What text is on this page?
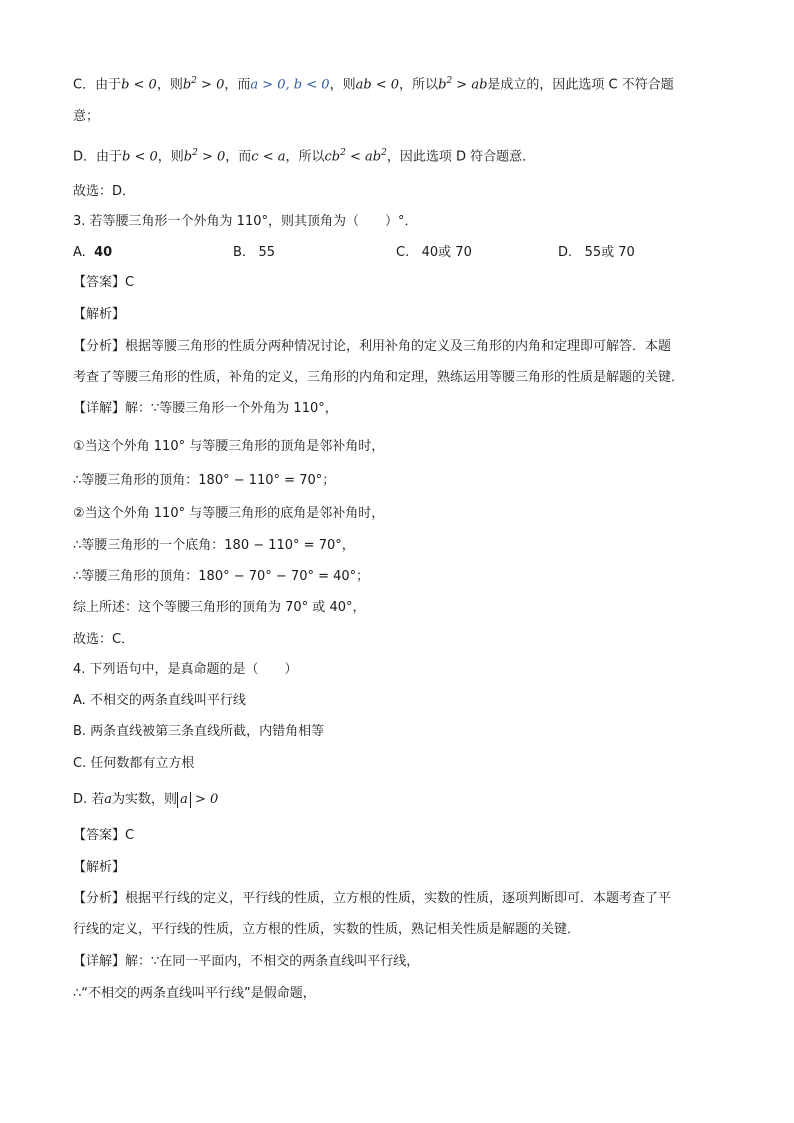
C．由于b < 0，则$b^2 > 0$，而a > 0, b < 0，则ab < 0，所以$b^2$ > ab是成立的，因此选项 C 不符合题
意；
D．由于b < 0，则$b^2 > 0$，而c < a，所以$cb^2 < ab^2$，因此选项 D 符合题意．
故选：D．
3. 若等腰三角形一个外角为 110°，则其顶角为（　　）°．
A. 40	B. 55	C. 40或 70	D. 55或 70
【答案】C
【解析】
【分析】根据等腰三角形的性质分两种情况讨论，利用补角的定义及三角形的内角和定理即可解答．本题
考查了等腰三角形的性质，补角的定义，三角形的内角和定理，熟练运用等腰三角形的性质是解题的关键．
【详解】解：∵等腰三角形一个外角为 110°，
①当这个外角 110° 与等腰三角形的顶角是邻补角时，
∴等腰三角形的顶角：180° − 110° = 70°；
②当这个外角 110° 与等腰三角形的底角是邻补角时，
∴等腰三角形的一个底角：180 − 110° = 70°，
∴等腰三角形的顶角：180° − 70° − 70° = 40°；
综上所述：这个等腰三角形的顶角为 70° 或 40°，
故选：C．
4. 下列语句中，是真命题的是（　　）
A. 不相交的两条直线叫平行线
B. 两条直线被第三条直线所截，内错角相等
C. 任何数都有立方根
D. 若a为实数，则 a > 0
【答案】C
【解析】
【分析】根据平行线的定义，平行线的性质，立方根的性质，实数的性质，逐项判断即可．本题考查了平
行线的定义，平行线的性质，立方根的性质，实数的性质，熟记相关性质是解题的关键．
【详解】解：∵在同一平面内，不相交的两条直线叫平行线，
∴“不相交的两条直线叫平行线”是假命题，
